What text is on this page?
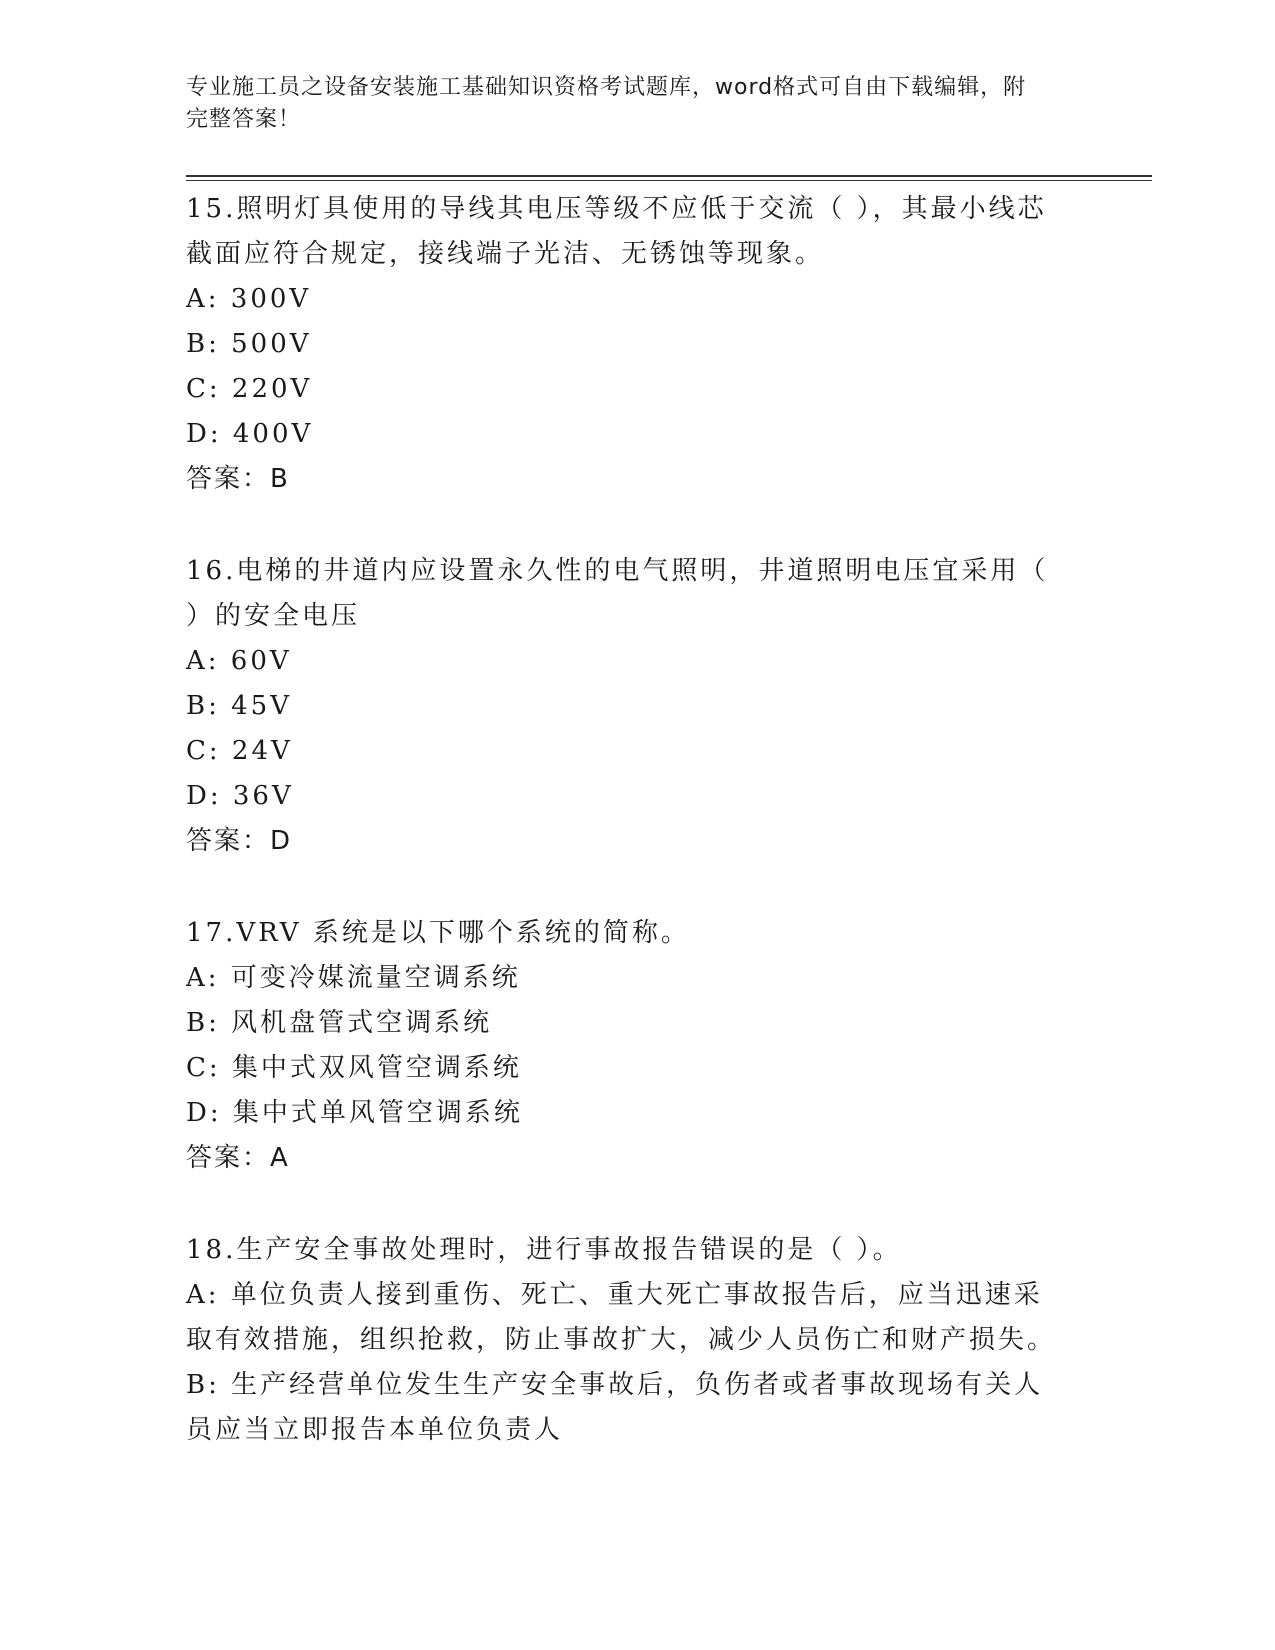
专业施工员之设备安装施工基础知识资格考试题库，word格式可自由下载编辑，附完整答案！
15.照明灯具使用的导线其电压等级不应低于交流（ ），其最小线芯截面应符合规定，接线端子光洁、无锈蚀等现象。
A: 300V
B: 500V
C: 220V
D: 400V
答案：B
16.电梯的井道内应设置永久性的电气照明，井道照明电压宜采用（ ）的安全电压
A: 60V
B: 45V
C: 24V
D: 36V
答案：D
17.VRV 系统是以下哪个系统的简称。
A: 可变冷媒流量空调系统
B: 风机盘管式空调系统
C: 集中式双风管空调系统
D: 集中式单风管空调系统
答案：A
18.生产安全事故处理时，进行事故报告错误的是（ ）。
A: 单位负责人接到重伤、死亡、重大死亡事故报告后，应当迅速采取有效措施，组织抢救，防止事故扩大，减少人员伤亡和财产损失。
B: 生产经营单位发生生产安全事故后，负伤者或者事故现场有关人员应当立即报告本单位负责人
